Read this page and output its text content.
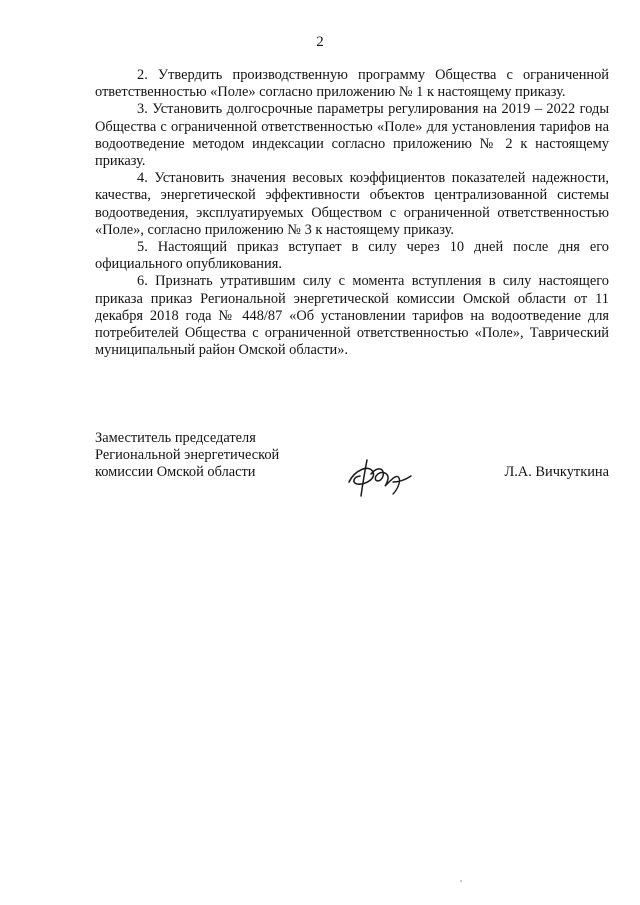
2

2. Утвердить производственную программу Общества с ограниченной ответственностью «Поле» согласно приложению № 1 к настоящему приказу.

3. Установить долгосрочные параметры регулирования на 2019 – 2022 годы Общества с ограниченной ответственностью «Поле» для установления тарифов на водоотведение методом индексации согласно приложению № 2 к настоящему приказу.

4. Установить значения весовых коэффициентов показателей надежности, качества, энергетической эффективности объектов централизованной системы водоотведения, эксплуатируемых Обществом с ограниченной ответственностью «Поле», согласно приложению № 3 к настоящему приказу.

5. Настоящий приказ вступает в силу через 10 дней после дня его официального опубликования.

6. Признать утратившим силу с момента вступления в силу настоящего приказа приказ Региональной энергетической комиссии Омской области от 11 декабря 2018 года № 448/87 «Об установлении тарифов на водоотведение для потребителей Общества с ограниченной ответственностью «Поле», Таврический муниципальный район Омской области».

Заместитель председателя
Региональной энергетической
комиссии Омской области	Л.А. Вичкуткина
